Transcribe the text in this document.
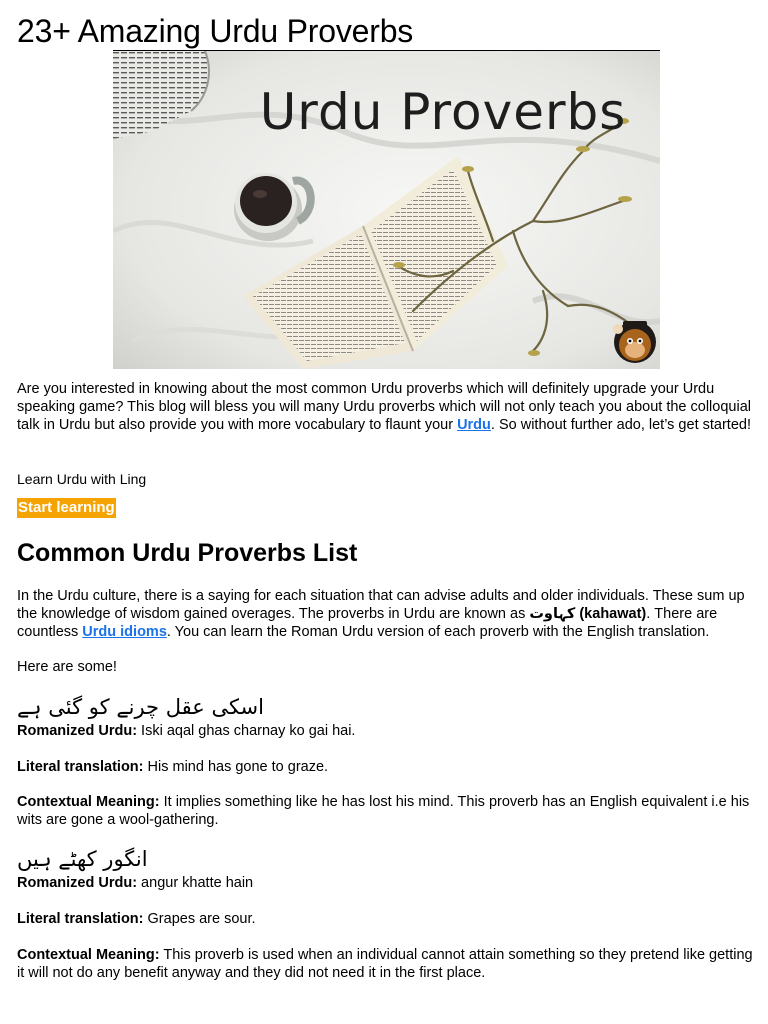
23+ Amazing Urdu Proverbs
Urdu Proverbs

Are you interested in knowing about the most common Urdu proverbs which will definitely upgrade your Urdu speaking game? This blog will bless you will many Urdu proverbs which will not only teach you about the colloquial talk in Urdu but also provide you with more vocabulary to flaunt your Urdu. So without further ado, let’s get started!

Learn Urdu with Ling

Start learning
Common Urdu Proverbs List

In the Urdu culture, there is a saying for each situation that can advise adults and older individuals. These sum up the knowledge of wisdom gained overages. The proverbs in Urdu are known as کہاوت (kahawat). There are countless Urdu idioms. You can learn the Roman Urdu version of each proverb with the English translation.

Here are some!

اسکی عقل چرنے کو گئی ہے

Romanized Urdu: Iski aqal ghas charnay ko gai hai.

Literal translation: His mind has gone to graze.

Contextual Meaning: It implies something like he has lost his mind. This proverb has an English equivalent i.e his wits are gone a wool-gathering.

انگور کھٹے ہیں

Romanized Urdu: angur khatte hain

Literal translation: Grapes are sour.

Contextual Meaning: This proverb is used when an individual cannot attain something so they pretend like getting it will not do any benefit anyway and they did not need it in the first place.
